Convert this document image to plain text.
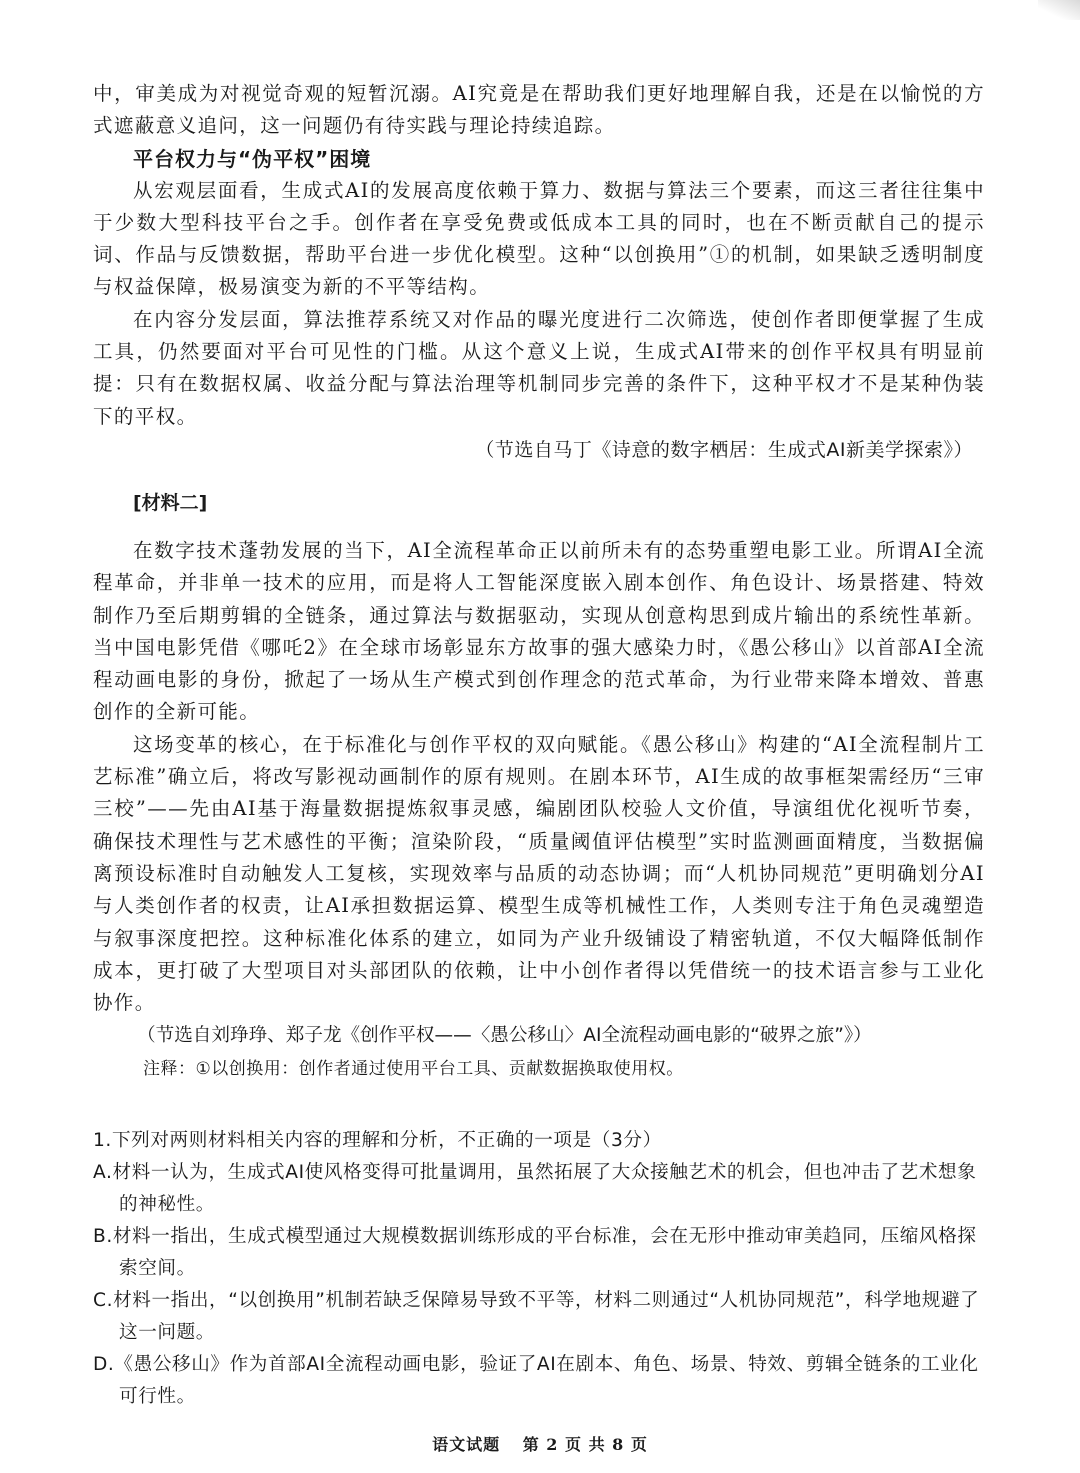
中，审美成为对视觉奇观的短暂沉溺。AI究竟是在帮助我们更好地理解自我，还是在以愉悦的方式遮蔽意义追问，这一问题仍有待实践与理论持续追踪。

平台权力与“伪平权”困境

从宏观层面看，生成式AI的发展高度依赖于算力、数据与算法三个要素，而这三者往往集中于少数大型科技平台之手。创作者在享受免费或低成本工具的同时，也在不断贡献自己的提示词、作品与反馈数据，帮助平台进一步优化模型。这种“以创换用”①的机制，如果缺乏透明制度与权益保障，极易演变为新的不平等结构。

在内容分发层面，算法推荐系统又对作品的曝光度进行二次筛选，使创作者即便掌握了生成工具，仍然要面对平台可见性的门槛。从这个意义上说，生成式AI带来的创作平权具有明显前提：只有在数据权属、收益分配与算法治理等机制同步完善的条件下，这种平权才不是某种伪装下的平权。

（节选自马丁《诗意的数字栖居：生成式AI新美学探索》）

[材料二]

在数字技术蓬勃发展的当下，AI全流程革命正以前所未有的态势重塑电影工业。所谓AI全流程革命，并非单一技术的应用，而是将人工智能深度嵌入剧本创作、角色设计、场景搭建、特效制作乃至后期剪辑的全链条，通过算法与数据驱动，实现从创意构思到成片输出的系统性革新。当中国电影凭借《哪吒2》在全球市场彰显东方故事的强大感染力时，《愚公移山》以首部AI全流程动画电影的身份，掀起了一场从生产模式到创作理念的范式革命，为行业带来降本增效、普惠创作的全新可能。

这场变革的核心，在于标准化与创作平权的双向赋能。《愚公移山》构建的“AI全流程制片工艺标准”确立后，将改写影视动画制作的原有规则。在剧本环节，AI生成的故事框架需经历“三审三校”——先由AI基于海量数据提炼叙事灵感，编剧团队校验人文价值，导演组优化视听节奏，确保技术理性与艺术感性的平衡；渲染阶段，“质量阈值评估模型”实时监测画面精度，当数据偏离预设标准时自动触发人工复核，实现效率与品质的动态协调；而“人机协同规范”更明确划分AI与人类创作者的权责，让AI承担数据运算、模型生成等机械性工作，人类则专注于角色灵魂塑造与叙事深度把控。这种标准化体系的建立，如同为产业升级铺设了精密轨道，不仅大幅降低制作成本，更打破了大型项目对头部团队的依赖，让中小创作者得以凭借统一的技术语言参与工业化协作。

（节选自刘琤琤、郑子龙《创作平权——〈愚公移山〉AI全流程动画电影的“破界之旅”》）

注释：①以创换用：创作者通过使用平台工具、贡献数据换取使用权。

1.下列对两则材料相关内容的理解和分析，不正确的一项是（3分）

A.材料一认为，生成式AI使风格变得可批量调用，虽然拓展了大众接触艺术的机会，但也冲击了艺术想象的神秘性。

B.材料一指出，生成式模型通过大规模数据训练形成的平台标准，会在无形中推动审美趋同，压缩风格探索空间。

C.材料一指出，“以创换用”机制若缺乏保障易导致不平等，材料二则通过“人机协同规范”，科学地规避了这一问题。

D.《愚公移山》作为首部AI全流程动画电影，验证了AI在剧本、角色、场景、特效、剪辑全链条的工业化可行性。

语文试题 第 2 页 共 8 页
